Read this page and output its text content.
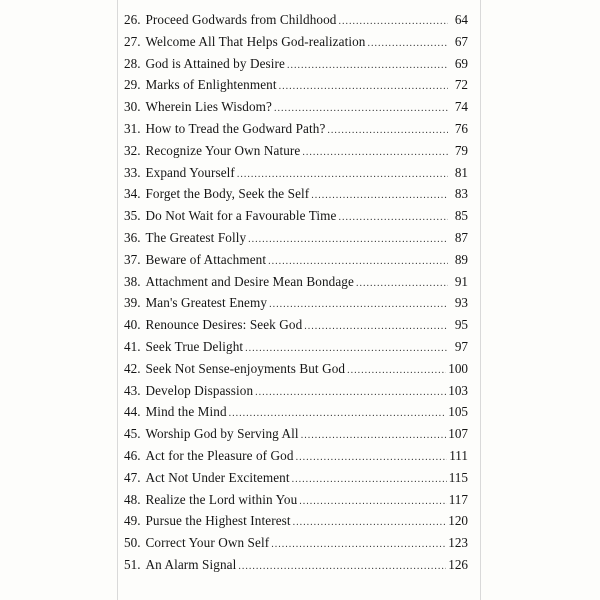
26. Proceed Godwards from Childhood .....	64
27. Welcome All That Helps God-realization .....	67
28. God is Attained by Desire .....	69
29. Marks of Enlightenment .....	72
30. Wherein Lies Wisdom? .....	74
31. How to Tread the Godward Path? .....	76
32. Recognize Your Own Nature .....	79
33. Expand Yourself .....	81
34. Forget the Body, Seek the Self .....	83
35. Do Not Wait for a Favourable Time .....	85
36. The Greatest Folly .....	87
37. Beware of Attachment .....	89
38. Attachment and Desire Mean Bondage .....	91
39. Man's Greatest Enemy .....	93
40. Renounce Desires: Seek God .....	95
41. Seek True Delight .....	97
42. Seek Not Sense-enjoyments But God .....	100
43. Develop Dispassion .....	103
44. Mind the Mind .....	105
45. Worship God by Serving All .....	107
46. Act for the Pleasure of God .....	111
47. Act Not Under Excitement .....	115
48. Realize the Lord within You .....	117
49. Pursue the Highest Interest .....	120
50. Correct Your Own Self .....	123
51. An Alarm Signal .....	126
